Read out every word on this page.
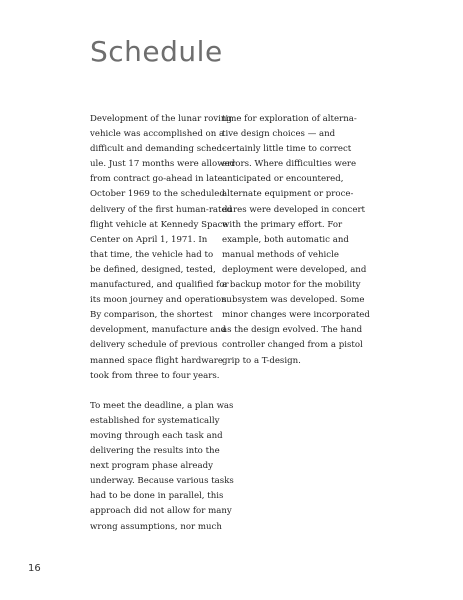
Schedule
Development of the lunar roving
vehicle was accomplished on a
difficult and demanding sched-
ule. Just 17 months were allowed
from contract go-ahead in late
October 1969 to the scheduled
delivery of the first human-rated
flight vehicle at Kennedy Space
Center on April 1, 1971. In
that time, the vehicle had to
be defined, designed, tested,
manufactured, and qualified for
its moon journey and operation.
By comparison, the shortest
development, manufacture and
delivery schedule of previous
manned space flight hardware
took from three to four years.
To meet the deadline, a plan was
established for systematically
moving through each task and
delivering the results into the
next program phase already
underway. Because various tasks
had to be done in parallel, this
approach did not allow for many
wrong assumptions, nor much
time for exploration of alterna-
tive design choices — and
certainly little time to correct
errors. Where difficulties were
anticipated or encountered,
alternate equipment or proce-
dures were developed in concert
with the primary effort. For
example, both automatic and
manual methods of vehicle
deployment were developed, and
a backup motor for the mobility
subsystem was developed. Some
minor changes were incorporated
as the design evolved. The hand
controller changed from a pistol
grip to a T-design.
16
